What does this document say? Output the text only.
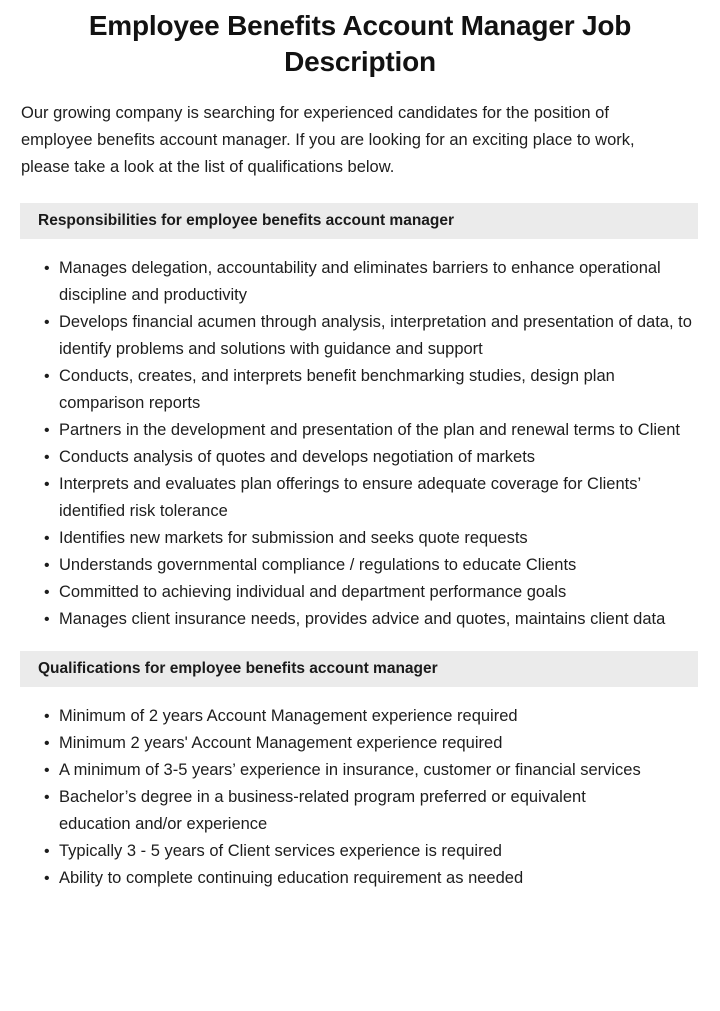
Employee Benefits Account Manager Job Description

Our growing company is searching for experienced candidates for the position of employee benefits account manager. If you are looking for an exciting place to work, please take a look at the list of qualifications below.

Responsibilities for employee benefits account manager
• Manages delegation, accountability and eliminates barriers to enhance operational discipline and productivity
• Develops financial acumen through analysis, interpretation and presentation of data, to identify problems and solutions with guidance and support
• Conducts, creates, and interprets benefit benchmarking studies, design plan comparison reports
• Partners in the development and presentation of the plan and renewal terms to Client
• Conducts analysis of quotes and develops negotiation of markets
• Interprets and evaluates plan offerings to ensure adequate coverage for Clients’ identified risk tolerance
• Identifies new markets for submission and seeks quote requests
• Understands governmental compliance / regulations to educate Clients
• Committed to achieving individual and department performance goals
• Manages client insurance needs, provides advice and quotes, maintains client data
Qualifications for employee benefits account manager
• Minimum of 2 years Account Management experience required
• Minimum 2 years' Account Management experience required
• A minimum of 3-5 years’ experience in insurance, customer or financial services
• Bachelor’s degree in a business-related program preferred or equivalent education and/or experience
• Typically 3 - 5 years of Client services experience is required
• Ability to complete continuing education requirement as needed
